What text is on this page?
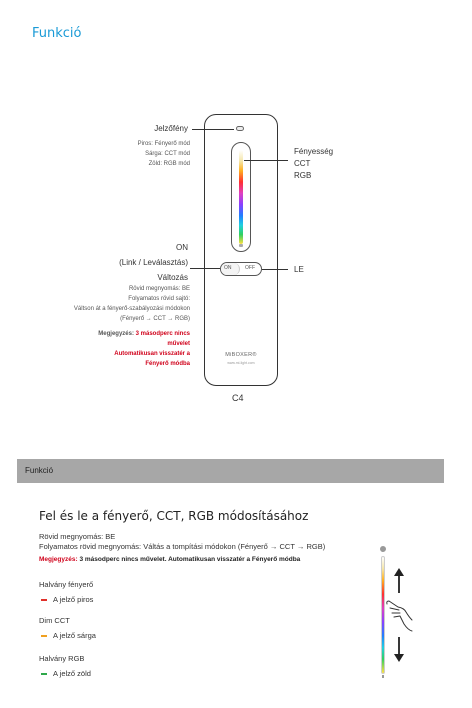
Funkció
ON	OFF
MiBOXER®
www.mi-light.com
C4
Jelzőfény
Piros: Fényerő mód
Sárga: CCT mód
Zöld: RGB mód
Fényesség
CCT
RGB
ON
(Link / Leválasztás)
Változás
Rövid megnyomás: BE
Folyamatos rövid sajtó:
Váltson át a fényerő-szabályozási módokon
(Fényerő → CCT → RGB)
Megjegyzés: 3 másodperc nincs
művelet
Automatikusan visszatér a
Fényerő módba
LE
Funkció
Fel és le a fényerő, CCT, RGB módosításához
Rövid megnyomás: BE
Folyamatos rövid megnyomás: Váltás a tompítási módokon (Fényerő → CCT → RGB)
Megjegyzés: 3 másodperc nincs művelet. Automatikusan visszatér a Fényerő módba
Halvány fényerő
A jelző piros
Dim CCT
A jelző sárga
Halvány RGB
A jelző zöld
